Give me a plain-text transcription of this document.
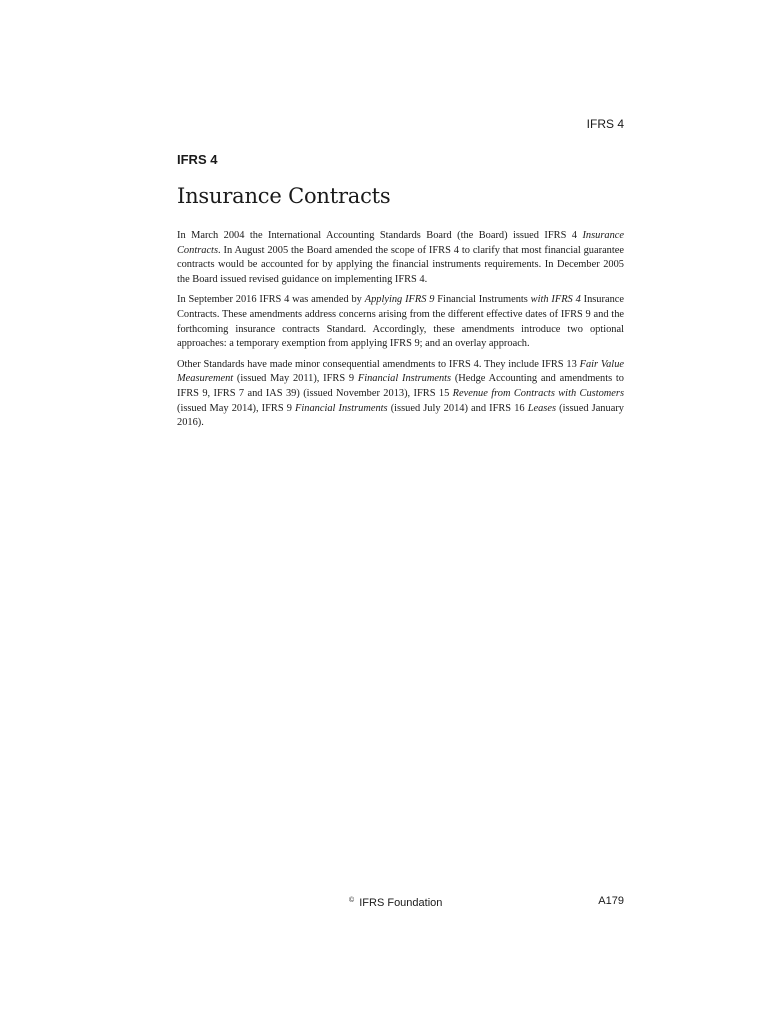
IFRS 4
IFRS 4
Insurance Contracts

In March 2004 the International Accounting Standards Board (the Board) issued IFRS 4 Insurance Contracts. In August 2005 the Board amended the scope of IFRS 4 to clarify that most financial guarantee contracts would be accounted for by applying the financial instruments requirements. In December 2005 the Board issued revised guidance on implementing IFRS 4.

In September 2016 IFRS 4 was amended by Applying IFRS 9 Financial Instruments with IFRS 4 Insurance Contracts. These amendments address concerns arising from the different effective dates of IFRS 9 and the forthcoming insurance contracts Standard. Accordingly, these amendments introduce two optional approaches: a temporary exemption from applying IFRS 9; and an overlay approach.

Other Standards have made minor consequential amendments to IFRS 4. They include IFRS 13 Fair Value Measurement (issued May 2011), IFRS 9 Financial Instruments (Hedge Accounting and amendments to IFRS 9, IFRS 7 and IAS 39) (issued November 2013), IFRS 15 Revenue from Contracts with Customers (issued May 2014), IFRS 9 Financial Instruments (issued July 2014) and IFRS 16 Leases (issued January 2016).

© IFRS Foundation	A179
